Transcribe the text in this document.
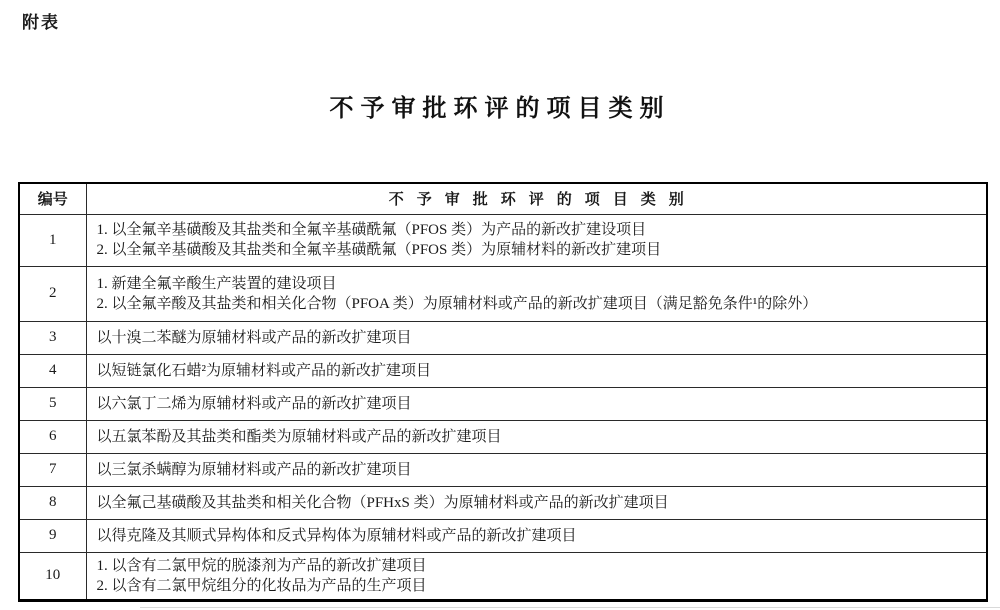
附表
不予审批环评的项目类别
编号	不予审批环评的项目类别
1	1. 以全氟辛基磺酸及其盐类和全氟辛基磺酰氟（PFOS 类）为产品的新改扩建设项目
2. 以全氟辛基磺酸及其盐类和全氟辛基磺酰氟（PFOS 类）为原辅材料的新改扩建项目

2	1. 新建全氟辛酸生产装置的建设项目
2. 以全氟辛酸及其盐类和相关化合物（PFOA 类）为原辅材料或产品的新改扩建项目（满足豁免条件¹的除外）

3	以十溴二苯醚为原辅材料或产品的新改扩建项目

4	以短链氯化石蜡²为原辅材料或产品的新改扩建项目

5	以六氯丁二烯为原辅材料或产品的新改扩建项目

6	以五氯苯酚及其盐类和酯类为原辅材料或产品的新改扩建项目

7	以三氯杀螨醇为原辅材料或产品的新改扩建项目

8	以全氟己基磺酸及其盐类和相关化合物（PFHxS 类）为原辅材料或产品的新改扩建项目

9	以得克隆及其顺式异构体和反式异构体为原辅材料或产品的新改扩建项目

10	1. 以含有二氯甲烷的脱漆剂为产品的新改扩建项目
2. 以含有二氯甲烷组分的化妆品为产品的生产项目
